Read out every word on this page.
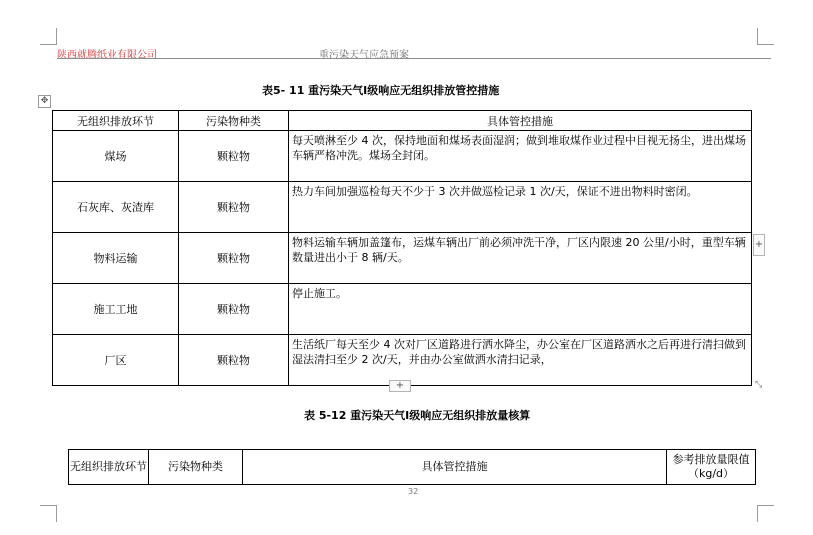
陕西就腾纸业有限公司	重污染天气应急预案
表5- 11 重污染天气Ⅰ级响应无组织排放管控措施
✥
无组织排放环节	污染物种类	具体管控措施
煤场	颗粒物	每天喷淋至少 4 次，保持地面和煤场表面湿润；做到堆取煤作业过程中目视无扬尘，进出煤场车辆严格冲洗。煤场全封闭。
石灰库、灰渣库	颗粒物	热力车间加强巡检每天不少于 3 次并做巡检记录 1 次/天，保证不进出物料时密闭。
物料运输	颗粒物	物料运输车辆加盖篷布，运煤车辆出厂前必须冲洗干净，厂区内限速 20 公里/小时，重型车辆数量进出小于 8 辆/天。
施工工地	颗粒物	停止施工。
厂区	颗粒物	生活纸厂每天至少 4 次对厂区道路进行洒水降尘，办公室在厂区道路洒水之后再进行清扫做到湿法清扫至少 2 次/天，并由办公室做洒水清扫记录，
+
+	⤡
表 5-12 重污染天气Ⅰ级响应无组织排放量核算
无组织排放环节	污染物种类	具体管控措施	参考排放量限值（kg/d）
32
